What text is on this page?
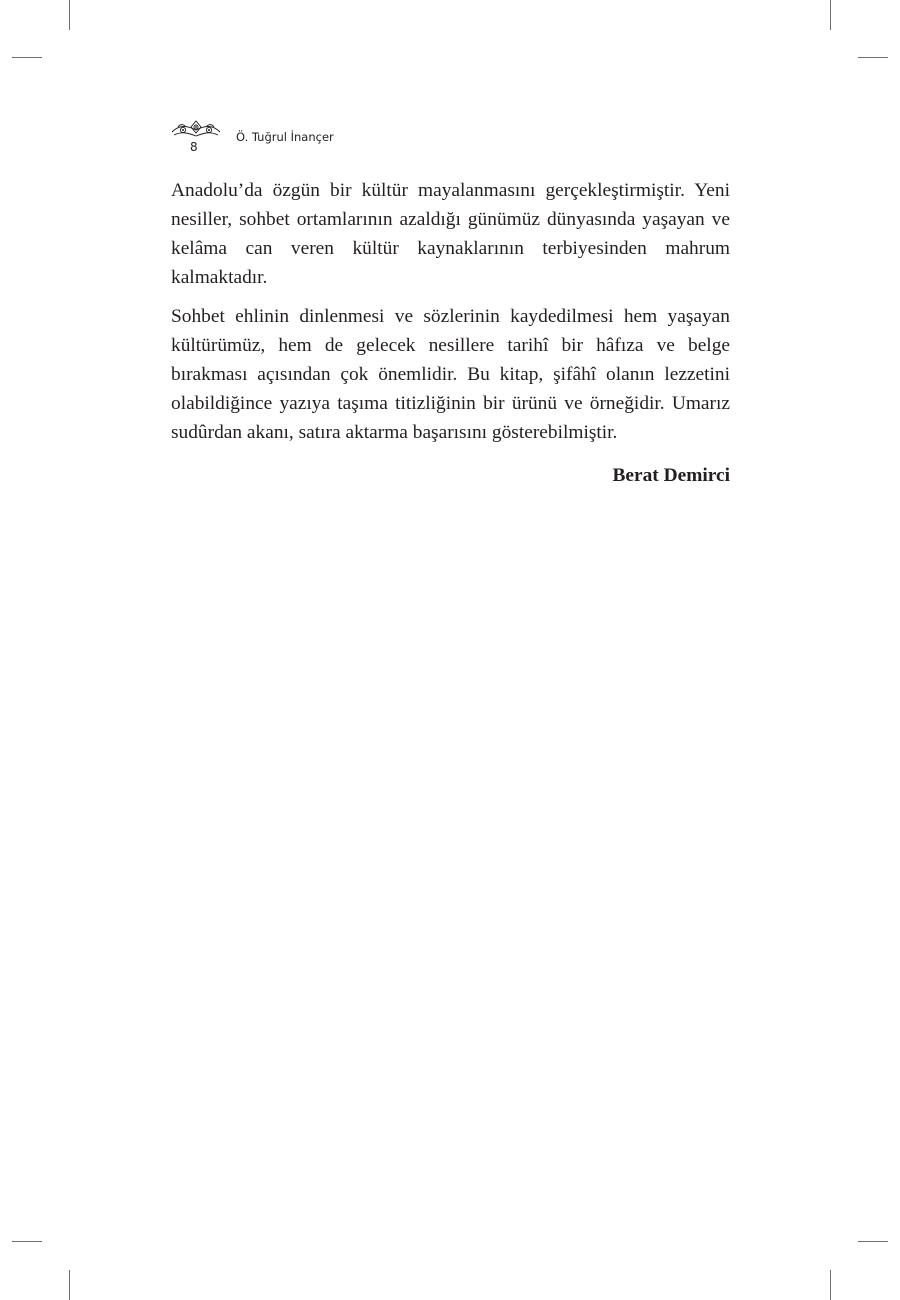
8
Ö. Tuğrul İnançer

Anadolu’da özgün bir kültür mayalanmasını gerçekleştirmiştir. Yeni nesiller, sohbet ortamlarının azaldığı günümüz dünyasında yaşayan ve kelâma can veren kültür kaynaklarının terbiyesinden mahrum kalmaktadır.

Sohbet ehlinin dinlenmesi ve sözlerinin kaydedilmesi hem yaşayan kültürümüz, hem de gelecek nesillere tarihî bir hâfıza ve belge bırakması açısından çok önemlidir. Bu kitap, şifâhî olanın lezzetini olabildiğince yazıya taşıma titizliğinin bir ürünü ve örneğidir. Umarız sudûrdan akanı, satıra aktarma başarısını gösterebilmiştir.

Berat Demirci
